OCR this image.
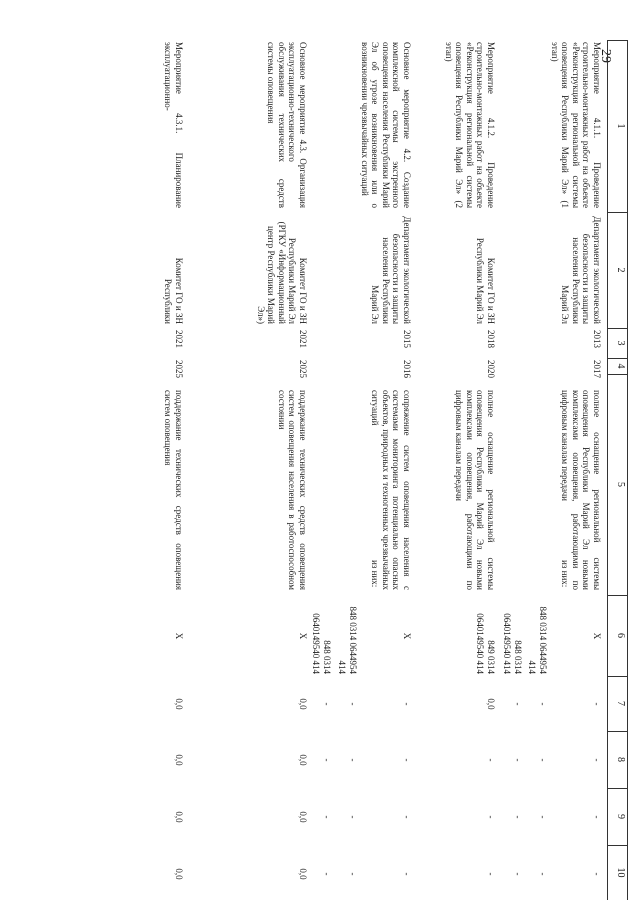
29
1
2
3
4
5
6
7
8
9
10
Мероприятие 4.1.1. Проведение строительно-монтажных работ на объекте «Реконструкция региональной системы оповещения Республики Марий Эл» (1 этап)
Департамент экологической безопасности и защиты населения Республики Марий Эл
2013
2017
полное оснащение региональной системы оповещения Республики Марий Эл новыми комплексами оповещения, работающими по цифровым каналам передачи
X
из них:
848 0314 0644954 414
848 0314 0640149540 414
-
-
-
-
-
-
-
-
-
-
-
-
Мероприятие 4.1.2. Проведение строительно-монтажных работ на объекте «Реконструкция региональной системы оповещения Республики Марий Эл» (2 этап)
Комитет ГО и ЗН Республики Марий Эл
2018
2020
полное оснащение региональной системы оповещения Республики Марий Эл новыми комплексами оповещения, работающими по цифровым каналам передачи
849 0314 0640149540 414
0,0
-
-
-
Основное мероприятие 4.2. Создание комплексной системы экстренного оповещения населения Республики Марий Эл об угрозе возникновения или о возникновении чрезвычайных ситуаций
Департамент экологической безопасности и защиты населения Республики Марий Эл
2015
2016
сопряжение систем оповещения населения с системами мониторинга потенциально опасных объектов, природных и техногенных чрезвычайных ситуаций
X
из них:
848 0314 0644954 414
848 0314 0640149540 414
-
-
-
-
-
-
-
-
-
-
-
-
Основное мероприятие 4.3. Организация эксплуатационно-технического обслуживания технических средств системы оповещения
Комитет ГО и ЗН Республики Марий Эл (РГКУ «Информационный центр Республики Марий Эл»)
2021
2025
поддержание технических средств оповещения систем оповещения населения в работоспособном состоянии
X
0,0
0,0
0,0
0,0
Мероприятие 4.3.1. Планирование эксплуатационно-
Комитет ГО и ЗН Республики
2021
2025
поддержание технических средств оповещения систем оповещения
X
0,0
0,0
0,0
0,0
